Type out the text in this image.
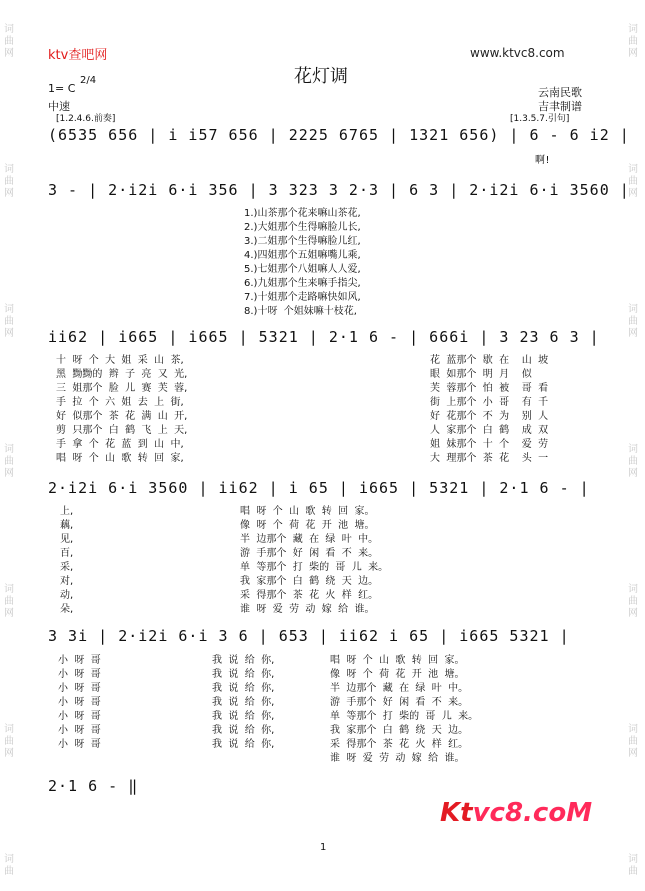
词
曲
网
词
曲
网
词
曲
网
词
曲
网
词
曲
网
词
曲
网
词
曲
词
曲
网
词
曲
网
词
曲
网
词
曲
网
词
曲
网
词
曲
网
词
曲
ktv查吧网	www.ktvc8.com
花灯调
1= C
2/4
中速
云南民歌
吉聿制谱
[1.2.4.6.前奏]	[1.3.5.7.引句]
(6535 656 | i i57 656 | 2225 6765 | 1321 656) | 6 - 6 i2 |
啊!
3 - | 2·i2i 6·i 356 | 3 323 3 2·3 | 6 3 | 2·i2i 6·i 3560 |
1.)山茶那个花来嘛山茶花,
2.)大姐那个生得嘛脸儿长,
3.)二姐那个生得嘛脸儿红,
4.)四姐那个五姐嘛嘴儿乘,
5.)七姐那个八姐嘛人人爱,
6.)九姐那个生来嘛手指尖,
7.)十姐那个走路嘛快如风,
8.)十呀  个姐妹嘛十枝花,
ii62 | i665 | i665 | 5321 | 2·1 6 - | 666i | 3 23 6 3 |
十  呀  个  大  姐  采  山  茶,
黑  黝黝的  辫  子  亮  又  光,
三  姐那个  脸  儿  赛  芙  蓉,
手  拉  个  六  姐  去  上  街,
好  似那个  茶  花  满  山  开,
剪  只那个  白  鹤  飞  上  天,
手  拿  个  花  蓝  到  山  中,
唱  呀  个  山  歌  转  回  家,
花  蓝那个  歇  在    山  坡
眼  如那个  明  月    似
芙  蓉那个  怕  被    哥  看
街  上那个  小  哥    有  千
好  花那个  不  为    别  人
人  家那个  白  鹤    成  双
姐  妹那个  十  个    爱  劳
大  理那个  茶  花    头  一
2·i2i 6·i 3560 | ii62 | i 65 | i665 | 5321 | 2·1 6 - |
上,
藕,
见,
百,
采,
对,
动,
朵,
唱  呀  个  山  歌  转  回  家。
像  呀  个  荷  花  开  池  塘。
半  边那个  藏  在  绿  叶  中。
游  手那个  好  闲  看  不  来。
单  等那个  打  柴的  哥  儿  来。
我  家那个  白  鹤  绕  天  边。
采  得那个  茶  花  火  样  红。
谁  呀  爱  劳  动  嫁  给  谁。
3 3i | 2·i2i 6·i 3 6 | 653 | ii62 i 65 | i665 5321 |
小  呀  哥
小  呀  哥
小  呀  哥
小  呀  哥
小  呀  哥
小  呀  哥
小  呀  哥
我  说  给  你,
我  说  给  你,
我  说  给  你,
我  说  给  你,
我  说  给  你,
我  说  给  你,
我  说  给  你,
唱  呀  个  山  歌  转  回  家。
像  呀  个  荷  花  开  池  塘。
半  边那个  藏  在  绿  叶  中。
游  手那个  好  闲  看  不  来。
单  等那个  打  柴的  哥  儿  来。
我  家那个  白  鹤  绕  天  边。
采  得那个  茶  花  火  样  红。
谁  呀  爱  劳  动  嫁  给  谁。
2·1 6 - ‖
Ktvc8.coM
1
